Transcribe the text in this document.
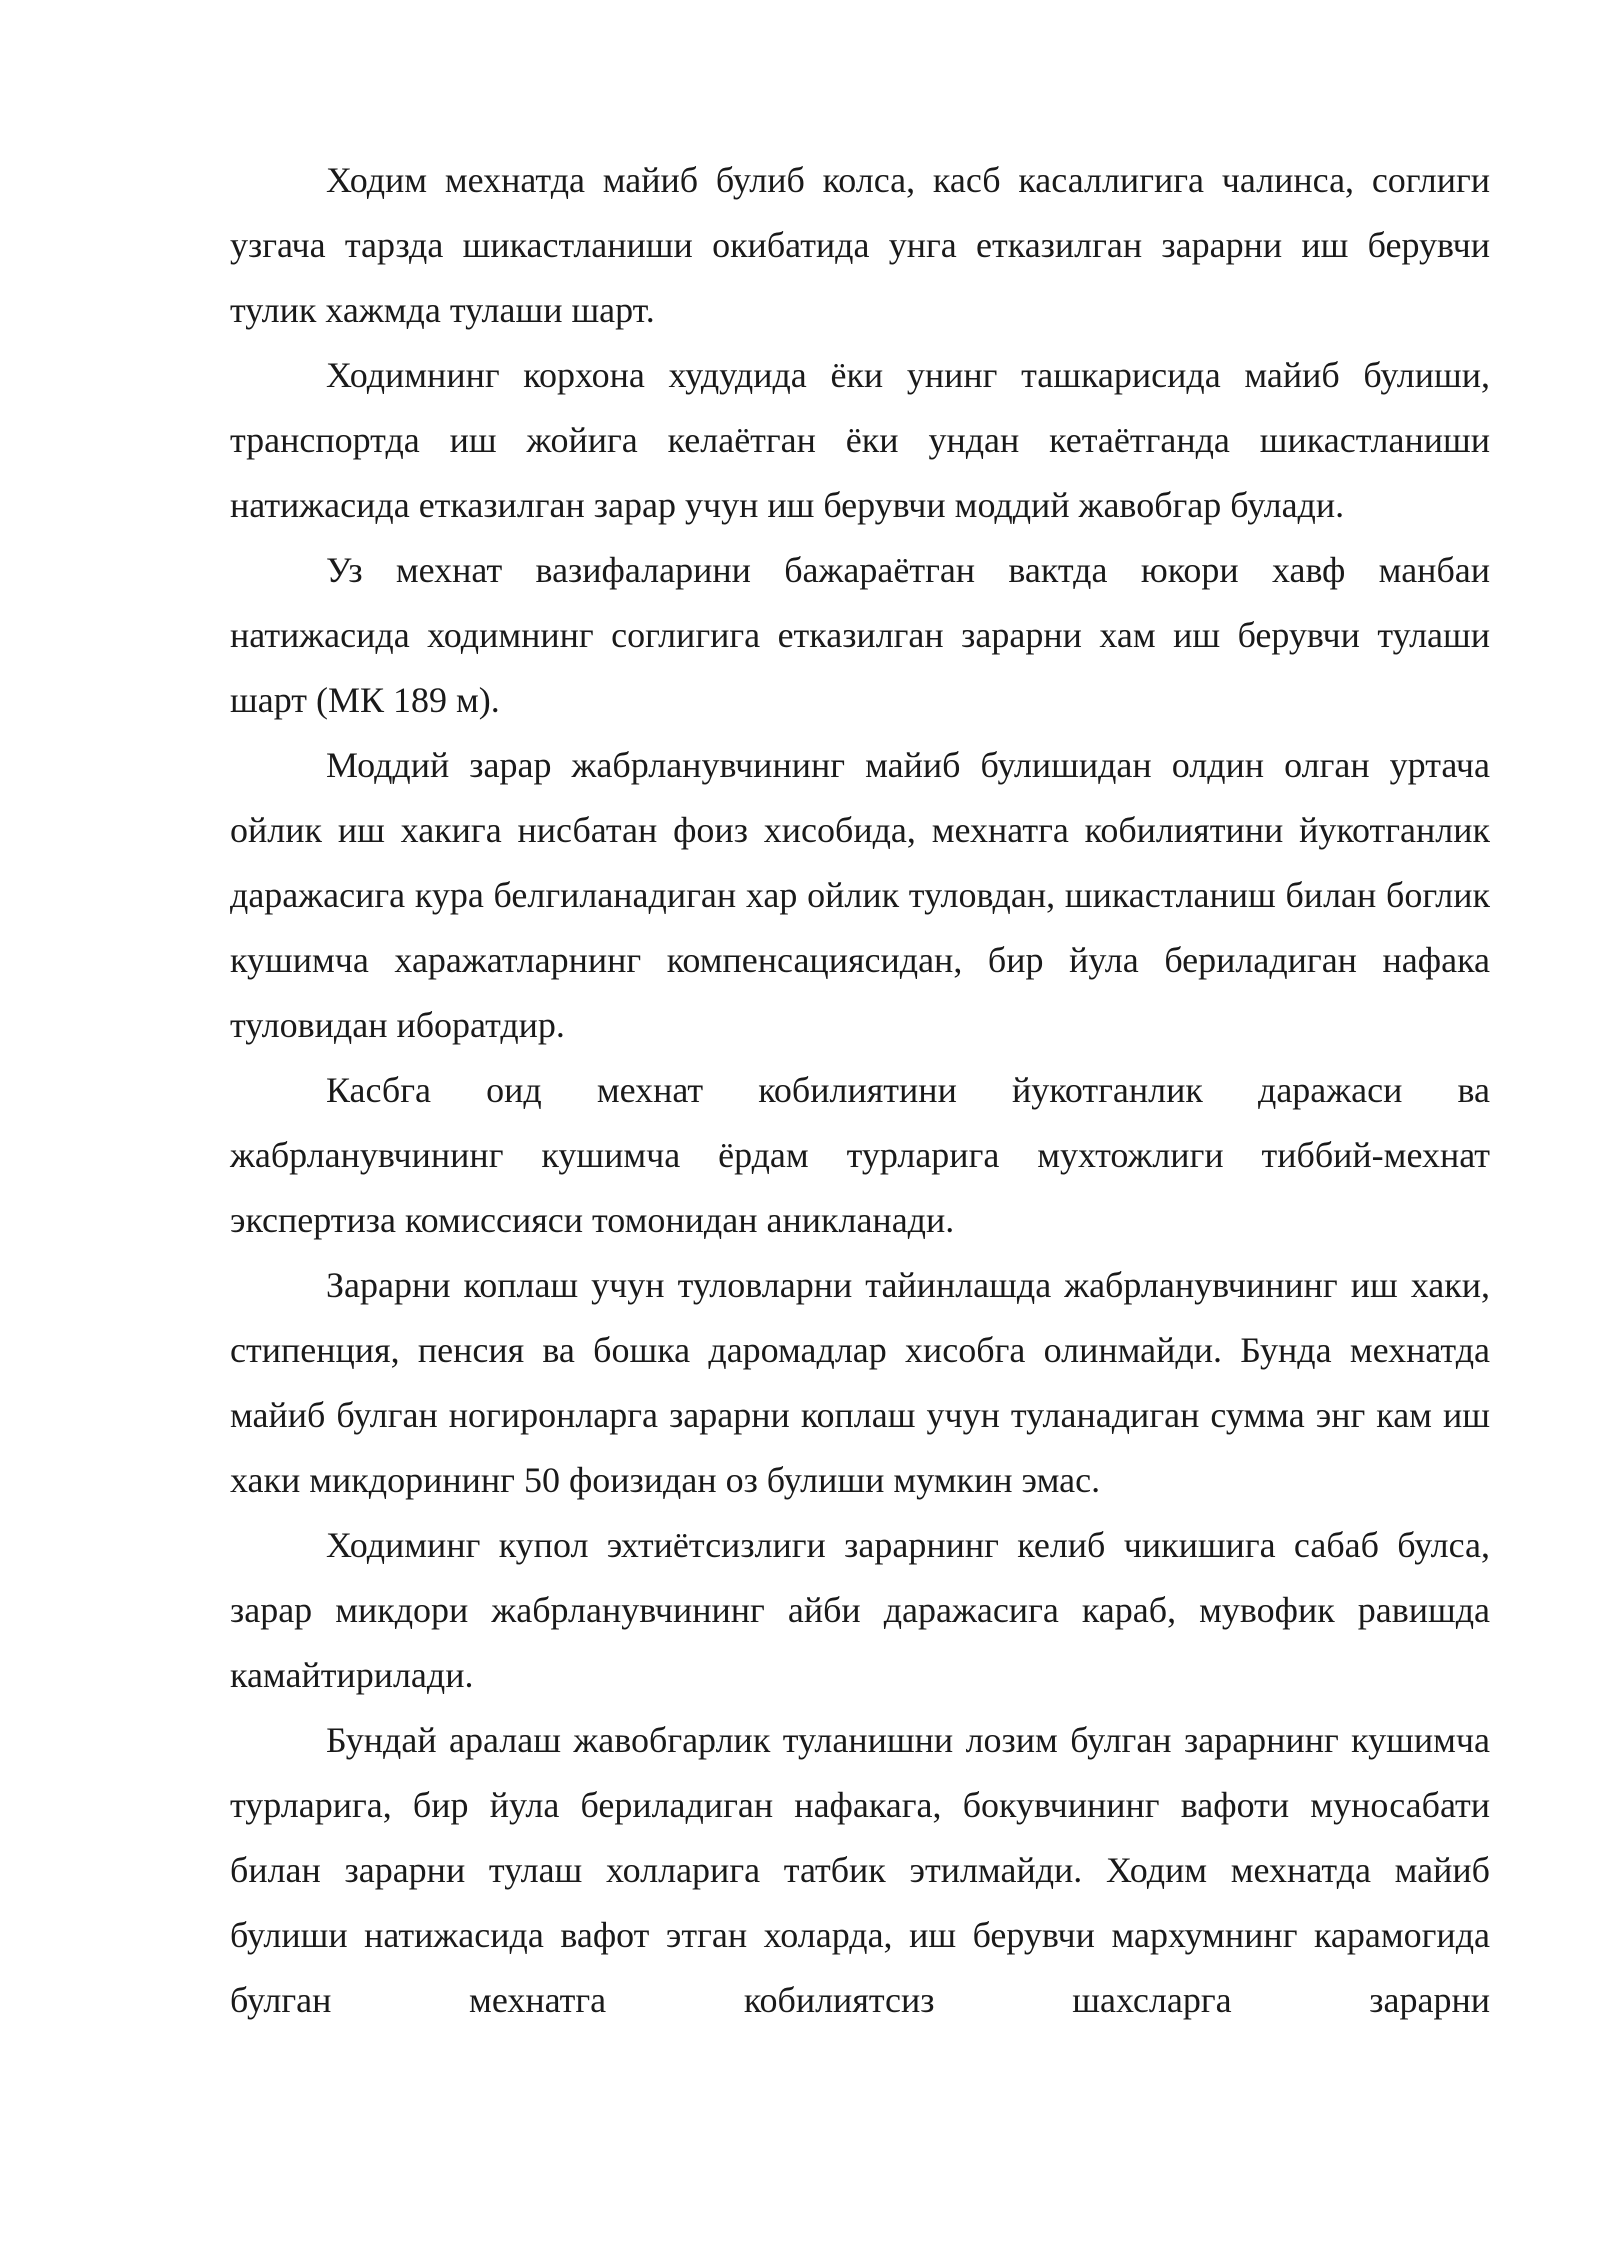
Ходим мехнатда майиб булиб колса, касб касаллигига чалинса, соглиги узгача тарзда шикастланиши окибатида унга етказилган зарарни иш берувчи тулик хажмда тулаши шарт.

Ходимнинг корхона худудида ёки унинг ташкарисида майиб булиши, транспортда иш жойига келаётган ёки ундан кетаётганда шикастланиши натижасида етказилган зарар учун иш берувчи моддий жавобгар булади.

Уз мехнат вазифаларини бажараётган вактда юкори хавф манбаи натижасида ходимнинг соглигига етказилган зарарни хам иш берувчи тулаши шарт (МК 189 м).

Моддий зарар жабрланувчининг майиб булишидан олдин олган уртача ойлик иш хакига нисбатан фоиз хисобида, мехнатга кобилиятини йукотганлик даражасига кура белгиланадиган хар ойлик туловдан, шикастланиш билан боглик кушимча харажатларнинг компенсациясидан, бир йула бериладиган нафака туловидан иборатдир.

Касбга оид мехнат кобилиятини йукотганлик даражаси ва жабрланувчининг кушимча ёрдам турларига мухтожлиги тиббий-мехнат экспертиза комиссияси томонидан аникланади.

Зарарни коплаш учун туловларни тайинлашда жабрланувчининг иш хаки, стипенция, пенсия ва бошка даромадлар хисобга олинмайди. Бунда мехнатда майиб булган ногиронларга зарарни коплаш учун туланадиган сумма энг кам иш хаки микдорининг 50 фоизидан оз булиши мумкин эмас.

Ходиминг купол эхтиётсизлиги зарарнинг келиб чикишига сабаб булса, зарар микдори жабрланувчининг айби даражасига караб, мувофик равишда камайтирилади.

Бундай аралаш жавобгарлик туланишни лозим булган зарарнинг кушимча турларига, бир йула бериладиган нафакага, бокувчининг вафоти муносабати билан зарарни тулаш холларига татбик этилмайди. Ходим мехнатда майиб булиши натижасида вафот этган холарда, иш берувчи мархумнинг карамогида булган мехнатга кобилиятсиз шахсларга зарарни
